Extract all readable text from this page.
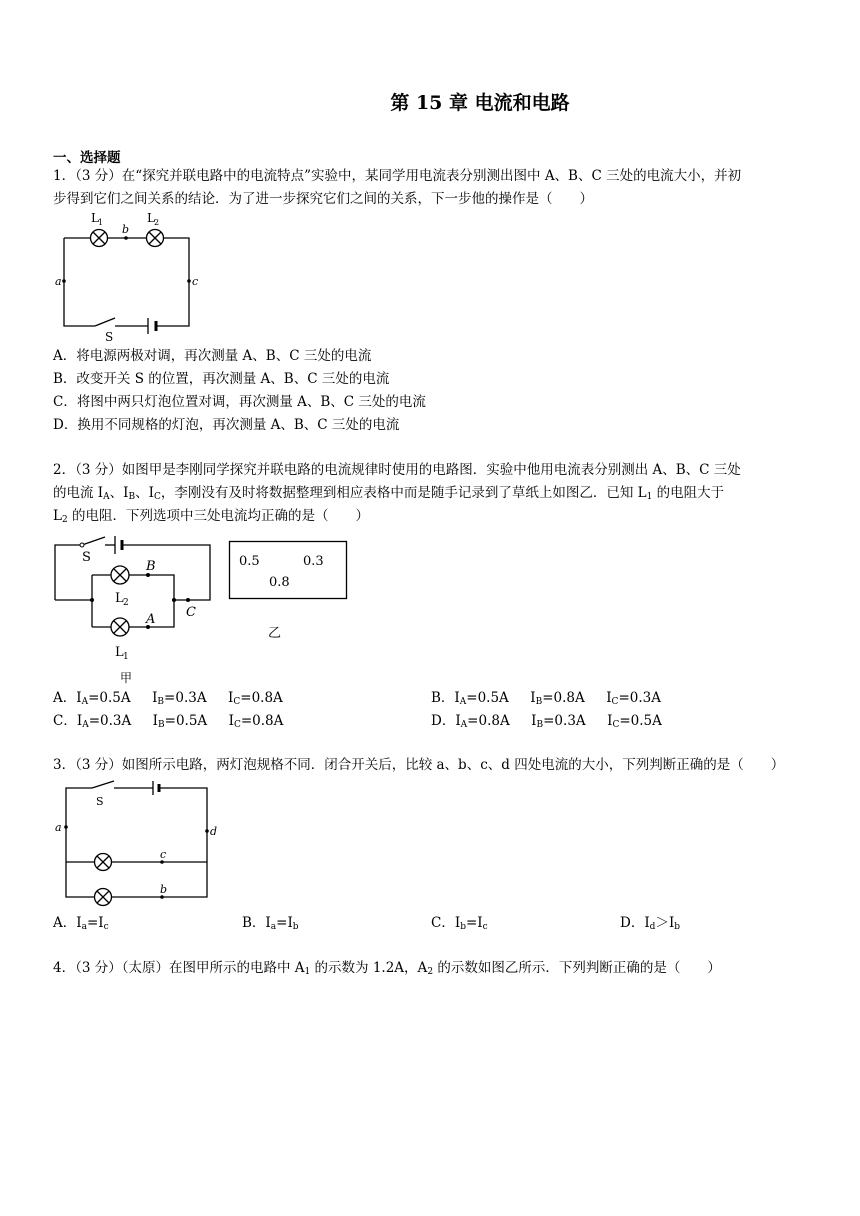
第 15 章 电流和电路
一、选择题
1．（3 分）在“探究并联电路中的电流特点”实验中，某同学用电流表分别测出图中 A、B、C 三处的电流大小，并初
步得到它们之间关系的结论．为了进一步探究它们之间的关系，下一步他的操作是（　　）
L 1	L 2
b
a	c
S
A．将电源两极对调，再次测量 A、B、C 三处的电流
B．改变开关 S 的位置，再次测量 A、B、C 三处的电流
C．将图中两只灯泡位置对调，再次测量 A、B、C 三处的电流
D．换用不同规格的灯泡，再次测量 A、B、C 三处的电流
2．（3 分）如图甲是李刚同学探究并联电路的电流规律时使用的电路图．实验中他用电流表分别测出 A、B、C 三处
的电流 $I_A$、$I_B$、$I_C$，李刚没有及时将数据整理到相应表格中而是随手记录到了草纸上如图乙．已知 $L_1$ 的电阻大于
$L_2$ 的电阻．下列选项中三处电流均正确的是（　　）
S
B
C
A
L 2
L 1
甲
0.5	0.3
0.8
乙
A．$I_A=0.5A$     $I_B=0.3A$     $I_C=0.8A$	B．$I_A=0.5A$     $I_B=0.8A$     $I_C=0.3A$
C．$I_A=0.3A$     $I_B=0.5A$     $I_C=0.8A$	D．$I_A=0.8A$     $I_B=0.3A$     $I_C=0.5A$
3．（3 分）如图所示电路，两灯泡规格不同．闭合开关后，比较 a、b、c、d 四处电流的大小，下列判断正确的是（　　）
S
a	d
c
b
A．$I_a=I_c$	B．$I_a=I_b$	C．$I_b=I_c$	D．$I_d>I_b$
4．（3 分）（太原）在图甲所示的电路中 $A_1$ 的示数为 1.2A，$A_2$ 的示数如图乙所示．下列判断正确的是（　　）
